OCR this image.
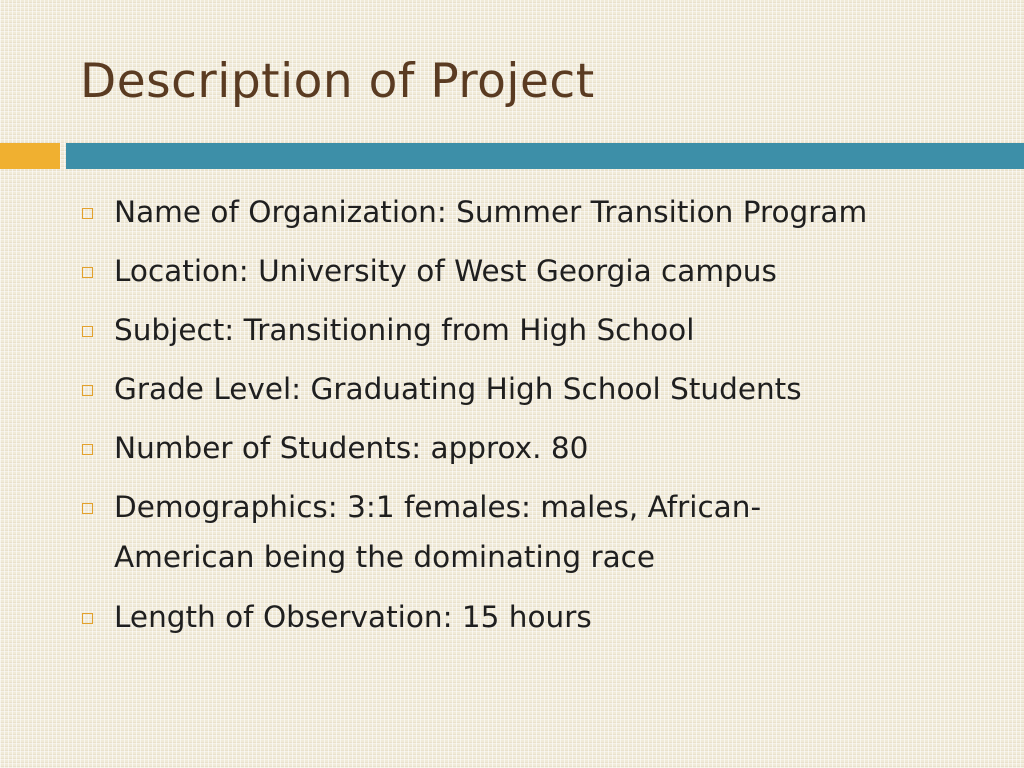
Description of Project
Name of Organization: Summer Transition Program
Location: University of West Georgia campus
Subject: Transitioning from High School
Grade Level: Graduating High School Students
Number of Students: approx. 80
Demographics: 3:1 females: males, African-
American being the dominating race
Length of Observation: 15 hours
